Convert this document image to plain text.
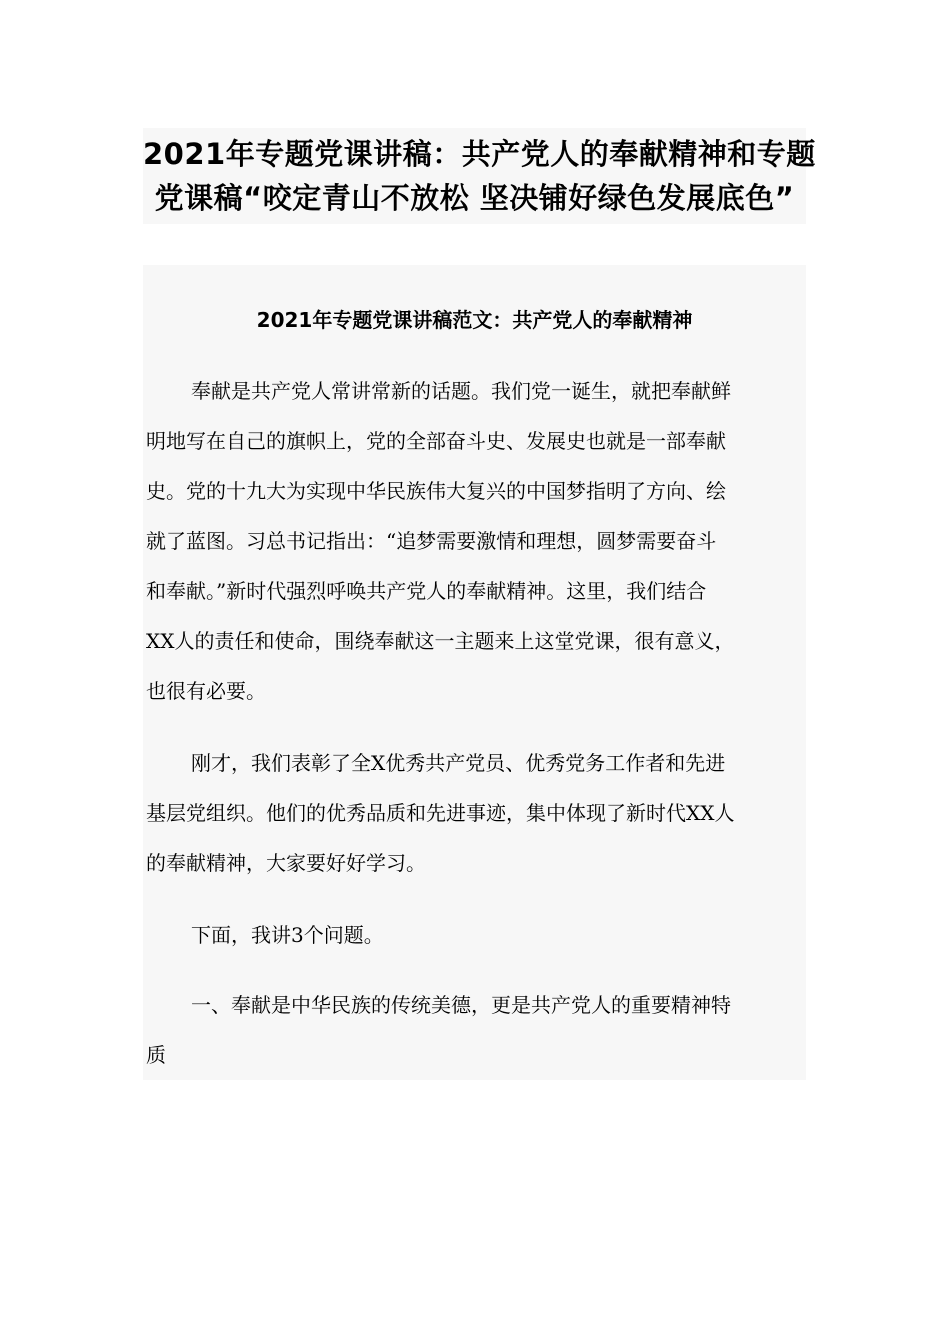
2021年专题党课讲稿：共产党人的奉献精神和专题
党课稿“咬定青山不放松 坚决铺好绿色发展底色”
2021年专题党课讲稿范文：共产党人的奉献精神

奉献是共产党人常讲常新的话题。我们党一诞生，就把奉献鲜
明地写在自己的旗帜上，党的全部奋斗史、发展史也就是一部奉献
史。党的十九大为实现中华民族伟大复兴的中国梦指明了方向、绘
就了蓝图。习总书记指出：“追梦需要激情和理想，圆梦需要奋斗
和奉献。”新时代强烈呼唤共产党人的奉献精神。这里，我们结合
XX人的责任和使命，围绕奉献这一主题来上这堂党课，很有意义，
也很有必要。

刚才，我们表彰了全X优秀共产党员、优秀党务工作者和先进
基层党组织。他们的优秀品质和先进事迹，集中体现了新时代XX人
的奉献精神，大家要好好学习。

下面，我讲3个问题。

一、奉献是中华民族的传统美德，更是共产党人的重要精神特
质
